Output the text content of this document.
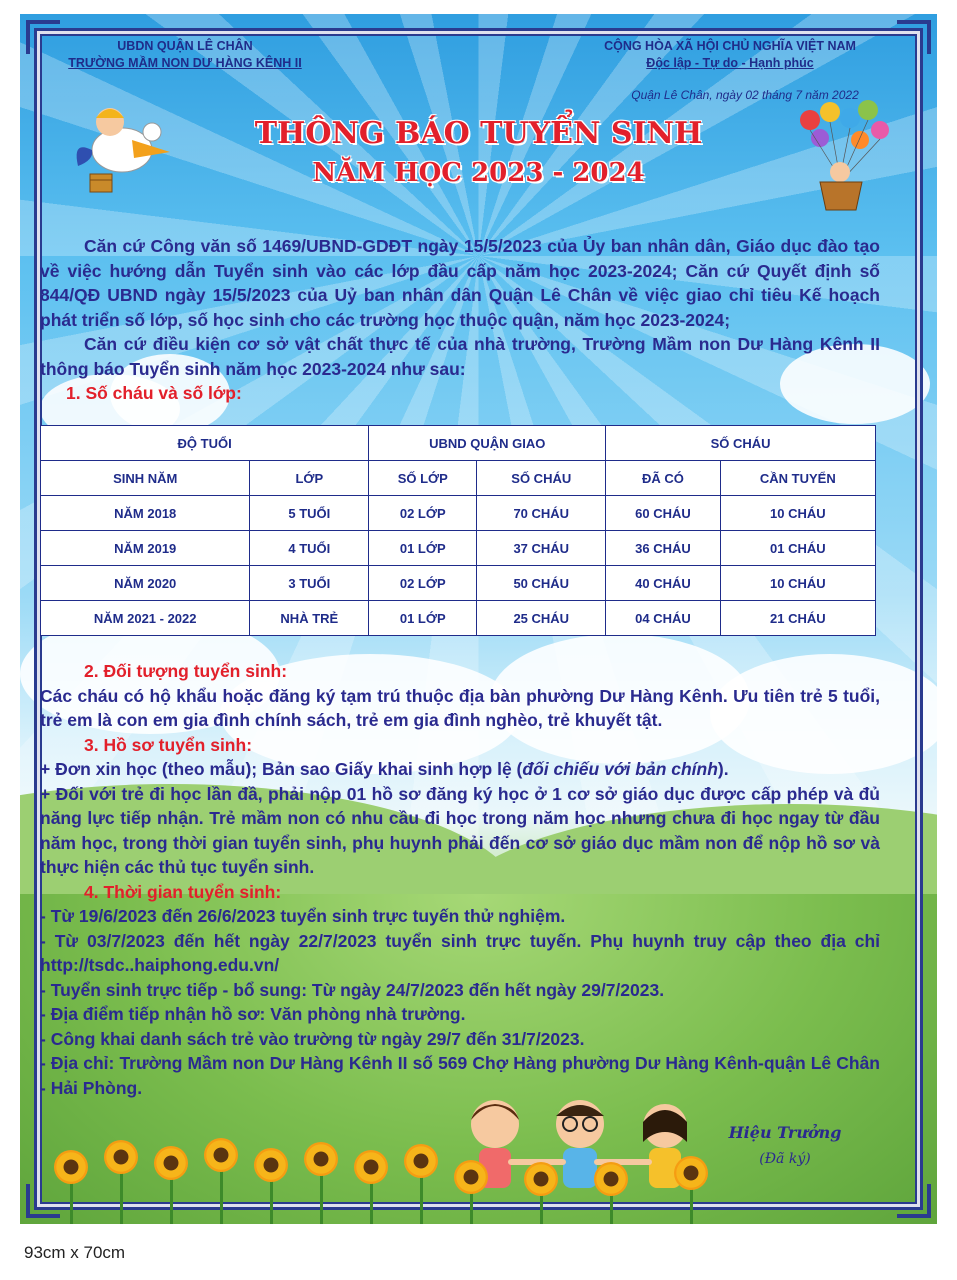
UBDN QUẬN LÊ CHÂN
TRƯỜNG MẦM NON DƯ HÀNG KÊNH II
CỘNG HÒA XÃ HỘI CHỦ NGHĨA VIỆT NAM
Độc lập - Tự do - Hạnh phúc
Quận Lê Chân, ngày 02 tháng 7 năm 2022
THÔNG BÁO TUYỂN SINH
NĂM HỌC 2023 - 2024

Căn cứ Công văn số 1469/UBND-GDĐT ngày 15/5/2023 của Ủy ban nhân dân, Giáo dục đào tạo về việc hướng dẫn Tuyển sinh vào các lớp đầu cấp năm học 2023-2024; Căn cứ Quyết định số 844/QĐ UBND ngày 15/5/2023 của Uỷ ban nhân dân Quận Lê Chân về việc giao chỉ tiêu Kế hoạch phát triển số lớp, số học sinh cho các trường học thuộc quận, năm học 2023-2024;

Căn cứ điều kiện cơ sở vật chất thực tế của nhà trường, Trường Mầm non Dư Hàng Kênh II thông báo Tuyển sinh năm học 2023-2024 như sau:

1. Số cháu và số lớp:

ĐỘ TUỔI		UBND QUẬN GIAO		SỐ CHÁU	
SINH NĂM	LỚP	SỐ LỚP	SỐ CHÁU	ĐÃ CÓ	CẦN TUYỂN
NĂM 2018	5 TUỔI	02 LỚP	70 CHÁU	60 CHÁU	10 CHÁU
NĂM 2019	4 TUỔI	01 LỚP	37 CHÁU	36 CHÁU	01 CHÁU
NĂM 2020	3 TUỔI	02 LỚP	50 CHÁU	40 CHÁU	10 CHÁU
NĂM 2021 - 2022	NHÀ TRẺ	01 LỚP	25 CHÁU	04 CHÁU	21 CHÁU

2. Đối tượng tuyển sinh:

Các cháu có hộ khẩu hoặc đăng ký tạm trú thuộc địa bàn phường Dư Hàng Kênh. Ưu tiên trẻ 5 tuổi, trẻ em là con em gia đình chính sách, trẻ em gia đình nghèo, trẻ khuyết tật.

3. Hồ sơ tuyển sinh:

+ Đơn xin học (theo mẫu); Bản sao Giấy khai sinh hợp lệ (đối chiếu với bản chính).

+ Đối với trẻ đi học lần đầ, phải nộp 01 hồ sơ đăng ký học ở 1 cơ sở giáo dục được cấp phép và đủ năng lực tiếp nhận. Trẻ mầm non có nhu cầu đi học trong năm học nhưng chưa đi học ngay từ đầu năm học, trong thời gian tuyển sinh, phụ huynh phải đến cơ sở giáo dục mầm non để nộp hồ sơ và thực hiện các thủ tục tuyển sinh.

4. Thời gian tuyển sinh:

- Từ 19/6/2023 đến 26/6/2023 tuyển sinh trực tuyến thử nghiệm.

- Từ 03/7/2023 đến hết ngày 22/7/2023 tuyển sinh trực tuyến. Phụ huynh truy cập theo địa chỉ http://tsdc..haiphong.edu.vn/

- Tuyển sinh trực tiếp - bổ sung: Từ ngày 24/7/2023 đến hết ngày 29/7/2023.

- Địa điểm tiếp nhận hồ sơ: Văn phòng nhà trường.

- Công khai danh sách trẻ vào trường từ ngày 29/7 đến 31/7/2023.

- Địa chỉ: Trường Mầm non Dư Hàng Kênh II số 569 Chợ Hàng phường Dư Hàng Kênh-quận Lê Chân - Hải Phòng.

Hiệu Trưởng
(Đã ký)
93cm x 70cm
